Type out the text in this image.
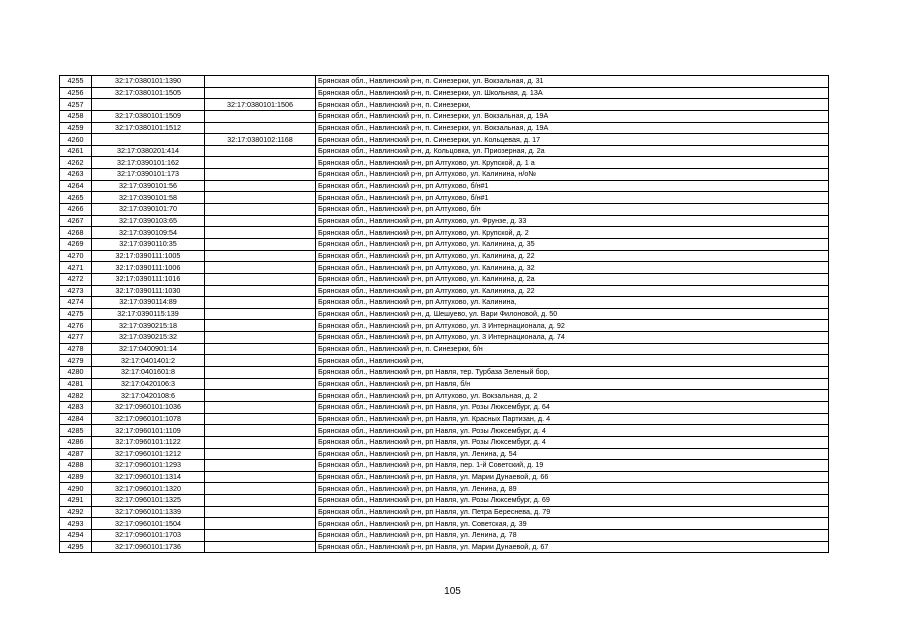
4255	32:17:0380101:1390		Брянская обл., Навлинский р-н, п. Синезерки, ул. Вокзальная, д. 31
4256	32:17:0380101:1505		Брянская обл., Навлинский р-н, п. Синезерки, ул. Школьная, д. 13А
4257		32:17:0380101:1506	Брянская обл., Навлинский р-н, п. Синезерки,
4258	32:17:0380101:1509		Брянская обл., Навлинский р-н, п. Синезерки, ул. Вокзальная, д. 19А
4259	32:17:0380101:1512		Брянская обл., Навлинский р-н, п. Синезерки, ул. Вокзальная, д. 19А
4260		32:17:0380102:1168	Брянская обл., Навлинский р-н, п. Синезерки, ул. Кольцевая, д. 17
4261	32:17:0380201:414		Брянская обл., Навлинский р-н, д. Кольцовка, ул. Приозерная, д. 2а
4262	32:17:0390101:162		Брянская обл., Навлинский р-н, рп Алтухово, ул. Крупской, д. 1 а
4263	32:17:0390101:173		Брянская обл., Навлинский р-н, рп Алтухово, ул. Калинина, н/о№
4264	32:17:0390101:56		Брянская обл., Навлинский р-н, рп Алтухово, б/н#1
4265	32:17:0390101:58		Брянская обл., Навлинский р-н, рп Алтухово, б/н#1
4266	32:17:0390101:70		Брянская обл., Навлинский р-н, рп Алтухово, б/н
4267	32:17:0390103:65		Брянская обл., Навлинский р-н, рп Алтухово, ул. Фрунзе, д. 33
4268	32:17:0390109:54		Брянская обл., Навлинский р-н, рп Алтухово, ул. Крупской, д. 2
4269	32:17:0390110:35		Брянская обл., Навлинский р-н, рп Алтухово, ул. Калинина, д. 35
4270	32:17:0390111:1005		Брянская обл., Навлинский р-н, рп Алтухово, ул. Калинина, д. 22
4271	32:17:0390111:1006		Брянская обл., Навлинский р-н, рп Алтухово, ул. Калинина, д. 32
4272	32:17:0390111:1016		Брянская обл., Навлинский р-н, рп Алтухово, ул. Калинина, д. 2а
4273	32:17:0390111:1030		Брянская обл., Навлинский р-н, рп Алтухово, ул. Калинина, д. 22
4274	32:17:0390114:89		Брянская обл., Навлинский р-н, рп Алтухово, ул. Калинина,
4275	32:17:0390115:139		Брянская обл., Навлинский р-н, д. Шешуево, ул. Вари Филоновой, д. 50
4276	32:17:0390215:18		Брянская обл., Навлинский р-н, рп Алтухово, ул. 3 Интернационала, д. 92
4277	32:17:0390215:32		Брянская обл., Навлинский р-н, рп Алтухово, ул. 3 Интернационала, д. 74
4278	32:17:0400901:14		Брянская обл., Навлинский р-н, п. Синезерки, б/н
4279	32:17:0401401:2		Брянская обл., Навлинский р-н,
4280	32:17:0401601:8		Брянская обл., Навлинский р-н, рп Навля, тер. Турбаза Зеленый бор,
4281	32:17:0420106:3		Брянская обл., Навлинский р-н, рп Навля, б/н
4282	32:17:0420108:6		Брянская обл., Навлинский р-н, рп Алтухово, ул. Вокзальная, д. 2
4283	32:17:0960101:1036		Брянская обл., Навлинский р-н, рп Навля, ул. Розы Люксембург, д. 64
4284	32:17:0960101:1078		Брянская обл., Навлинский р-н, рп Навля, ул. Красных Партизан, д. 4
4285	32:17:0960101:1109		Брянская обл., Навлинский р-н, рп Навля, ул. Розы Люксембург, д. 4
4286	32:17:0960101:1122		Брянская обл., Навлинский р-н, рп Навля, ул. Розы Люксембург, д. 4
4287	32:17:0960101:1212		Брянская обл., Навлинский р-н, рп Навля, ул. Ленина, д. 54
4288	32:17:0960101:1293		Брянская обл., Навлинский р-н, рп Навля, пер. 1-й Советский, д. 19
4289	32:17:0960101:1314		Брянская обл., Навлинский р-н, рп Навля, ул. Марии Дунаевой, д. 66
4290	32:17:0960101:1320		Брянская обл., Навлинский р-н, рп Навля, ул. Ленина, д. 89
4291	32:17:0960101:1325		Брянская обл., Навлинский р-н, рп Навля, ул. Розы Люксембург, д. 69
4292	32:17:0960101:1339		Брянская обл., Навлинский р-н, рп Навля, ул. Петра Береснева, д. 79
4293	32:17:0960101:1504		Брянская обл., Навлинский р-н, рп Навля, ул. Советская, д. 39
4294	32:17:0960101:1703		Брянская обл., Навлинский р-н, рп Навля, ул. Ленина, д. 78
4295	32:17:0960101:1736		Брянская обл., Навлинский р-н, рп Навля, ул. Марии Дунаевой, д. 67
105
